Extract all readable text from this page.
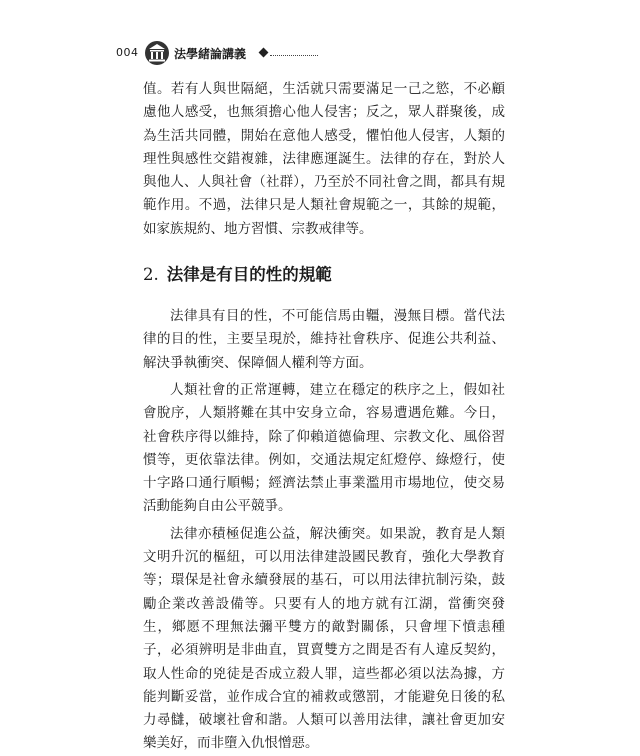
004	法學緒論講義

值。若有人與世隔絕，生活就只需要滿足一己之慾，不必顧慮他人感受，也無須擔心他人侵害；反之，眾人群聚後，成為生活共同體，開始在意他人感受，懼怕他人侵害，人類的理性與感性交錯複雜，法律應運誕生。法律的存在，對於人與他人、人與社會（社群），乃至於不同社會之間，都具有規範作用。不過，法律只是人類社會規範之一，其餘的規範，如家族規約、地方習慣、宗教戒律等。

2. 法律是有目的性的規範

法律具有目的性，不可能信馬由韁，漫無目標。當代法律的目的性，主要呈現於，維持社會秩序、促進公共利益、解決爭執衝突、保障個人權利等方面。

人類社會的正常運轉，建立在穩定的秩序之上，假如社會脫序，人類將難在其中安身立命，容易遭遇危難。今日，社會秩序得以維持，除了仰賴道德倫理、宗教文化、風俗習慣等，更依靠法律。例如，交通法規定紅燈停、綠燈行，使十字路口通行順暢；經濟法禁止事業濫用市場地位，使交易活動能夠自由公平競爭。

法律亦積極促進公益，解決衝突。如果說，教育是人類文明升沉的樞紐，可以用法律建設國民教育，強化大學教育等；環保是社會永續發展的基石，可以用法律抗制污染，鼓勵企業改善設備等。只要有人的地方就有江湖，當衝突發生，鄉愿不理無法彌平雙方的敵對關係，只會埋下憤恚種子，必須辨明是非曲直，買賣雙方之間是否有人違反契約，取人性命的兇徒是否成立殺人罪，這些都必須以法為據，方能判斷妥當，並作成合宜的補救或懲罰，才能避免日後的私力尋讎，破壞社會和諧。人類可以善用法律，讓社會更加安樂美好，而非墮入仇恨憎惡。
